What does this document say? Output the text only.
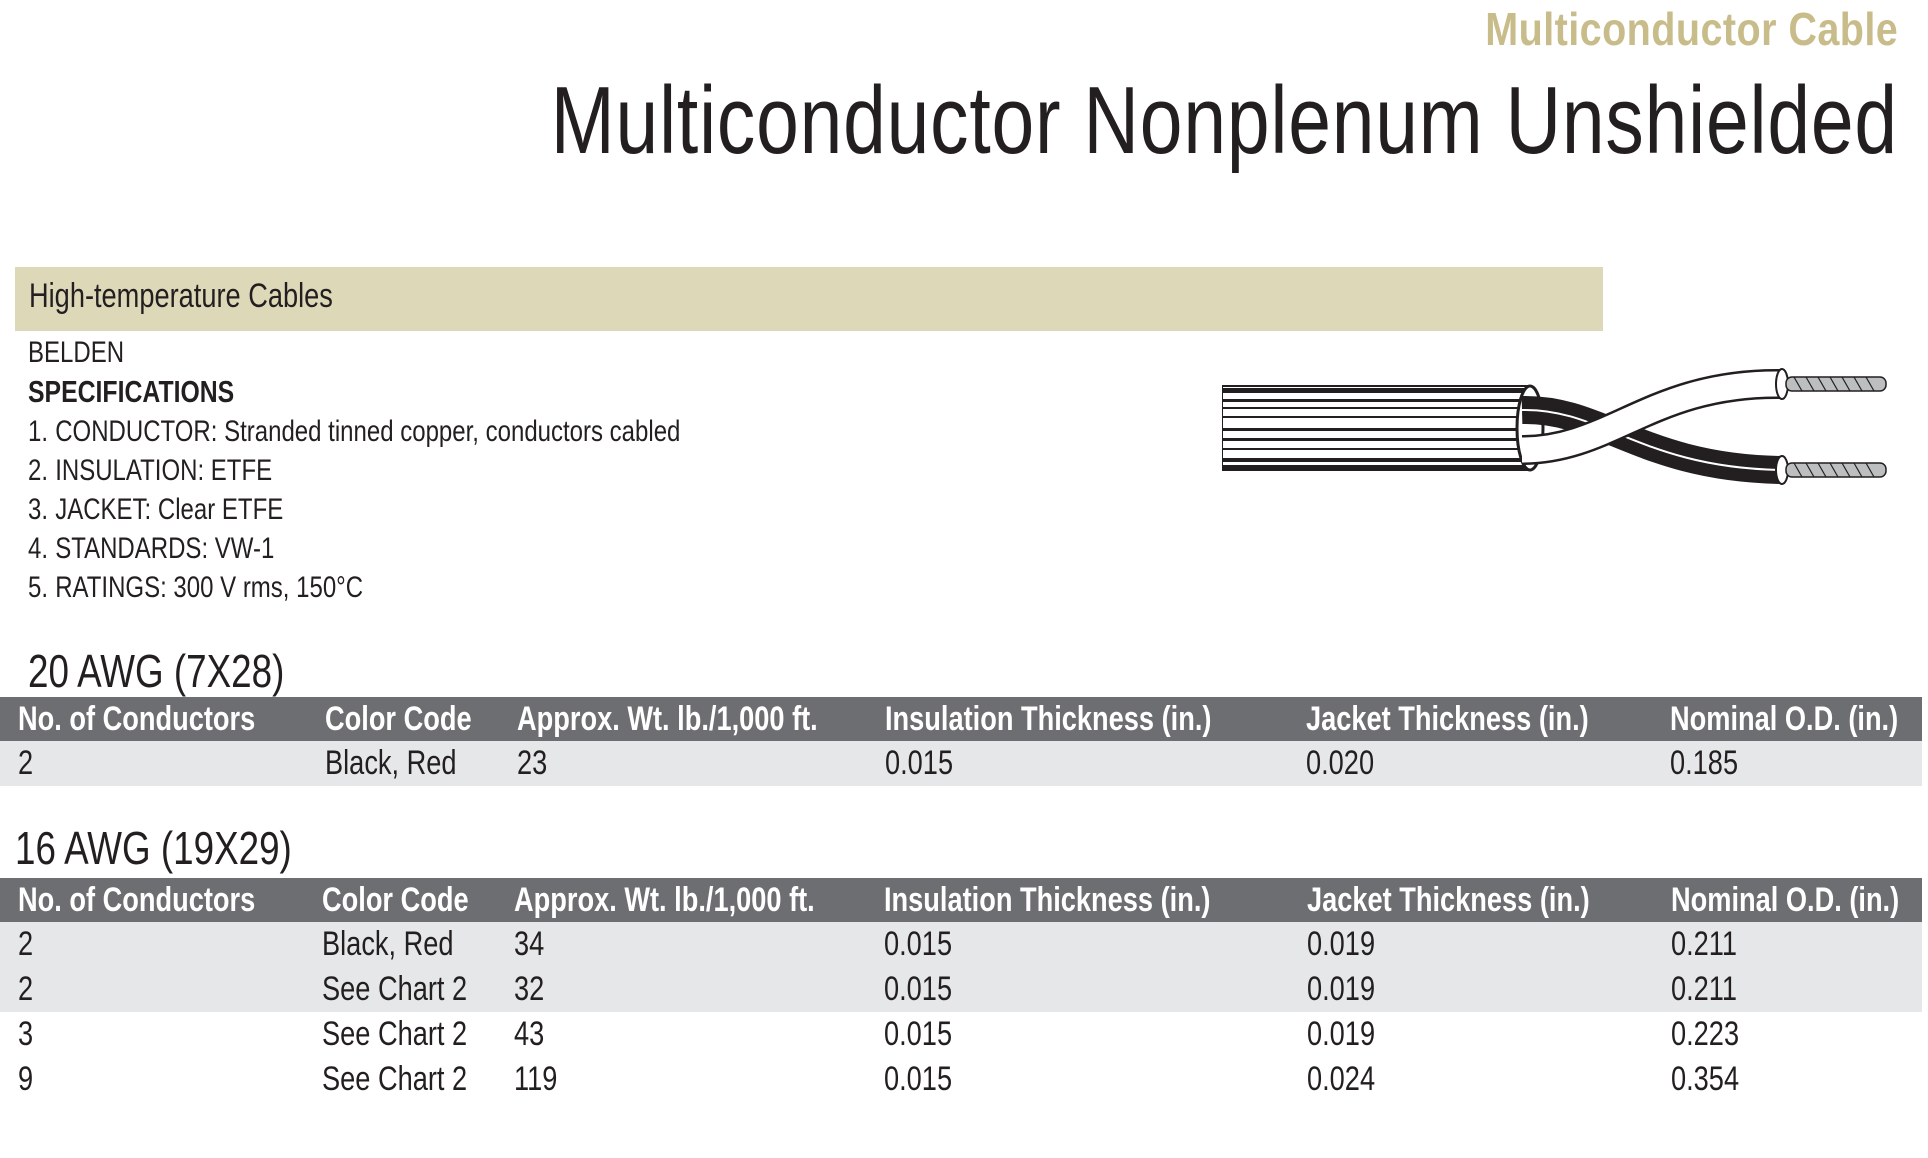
Multiconductor Cable
Multiconductor Nonplenum Unshielded
High-temperature Cables
BELDEN
SPECIFICATIONS
1. CONDUCTOR: Stranded tinned copper, conductors cabled
2. INSULATION: ETFE
3. JACKET: Clear ETFE
4. STANDARDS: VW-1
5. RATINGS: 300 V rms, 150°C
20 AWG (7X28)
No. of Conductors	Color Code	Approx. Wt. lb./1,000 ft.	Insulation Thickness (in.)	Jacket Thickness (in.)	Nominal O.D. (in.)
2	Black, Red	23	0.015	0.020	0.185
16 AWG (19X29)
No. of Conductors	Color Code	Approx. Wt. lb./1,000 ft.	Insulation Thickness (in.)	Jacket Thickness (in.)	Nominal O.D. (in.)
2	Black, Red	34	0.015	0.019	0.211
2	See Chart 2	32	0.015	0.019	0.211
3	See Chart 2	43	0.015	0.019	0.223
9	See Chart 2	119	0.015	0.024	0.354
